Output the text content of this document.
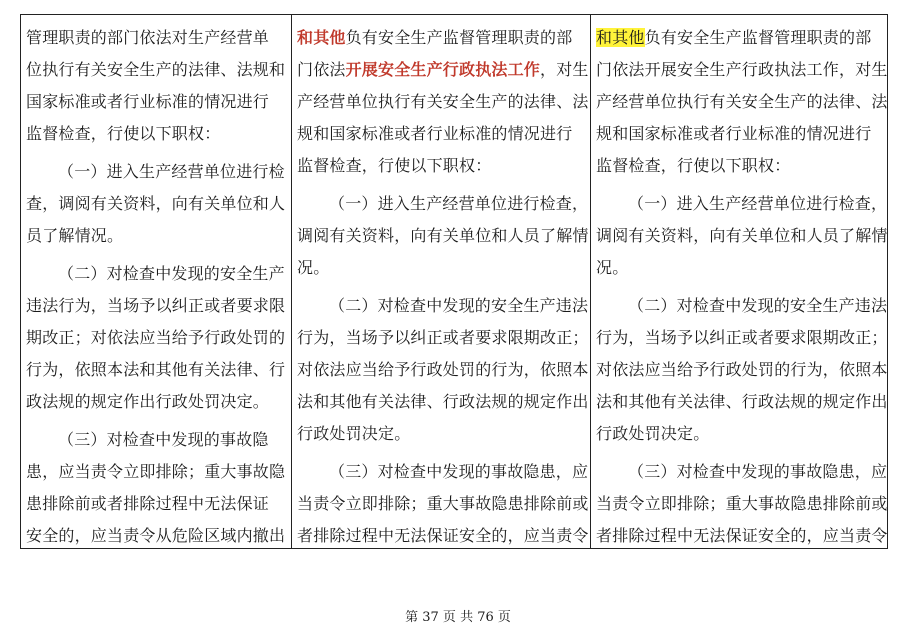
管理职责的部门依法对生产经营单
位执行有关安全生产的法律、法规和
国家标准或者行业标准的情况进行
监督检查，行使以下职权：
（一）进入生产经营单位进行检
查，调阅有关资料，向有关单位和人
员了解情况。
（二）对检查中发现的安全生产
违法行为，当场予以纠正或者要求限
期改正；对依法应当给予行政处罚的
行为，依照本法和其他有关法律、行
政法规的规定作出行政处罚决定。
（三）对检查中发现的事故隐
患，应当责令立即排除；重大事故隐
患排除前或者排除过程中无法保证
安全的，应当责令从危险区域内撤出
和其他负有安全生产监督管理职责的部
门依法开展安全生产行政执法工作，对生
产经营单位执行有关安全生产的法律、法
规和国家标准或者行业标准的情况进行
监督检查，行使以下职权：
（一）进入生产经营单位进行检查，
调阅有关资料，向有关单位和人员了解情
况。
（二）对检查中发现的安全生产违法
行为，当场予以纠正或者要求限期改正；
对依法应当给予行政处罚的行为，依照本
法和其他有关法律、行政法规的规定作出
行政处罚决定。
（三）对检查中发现的事故隐患，应
当责令立即排除；重大事故隐患排除前或
者排除过程中无法保证安全的，应当责令
和其他负有安全生产监督管理职责的部
门依法开展安全生产行政执法工作，对生
产经营单位执行有关安全生产的法律、法
规和国家标准或者行业标准的情况进行
监督检查，行使以下职权：
（一）进入生产经营单位进行检查，
调阅有关资料，向有关单位和人员了解情
况。
（二）对检查中发现的安全生产违法
行为，当场予以纠正或者要求限期改正；
对依法应当给予行政处罚的行为，依照本
法和其他有关法律、行政法规的规定作出
行政处罚决定。
（三）对检查中发现的事故隐患，应
当责令立即排除；重大事故隐患排除前或
者排除过程中无法保证安全的，应当责令
第 37 页 共 76 页
